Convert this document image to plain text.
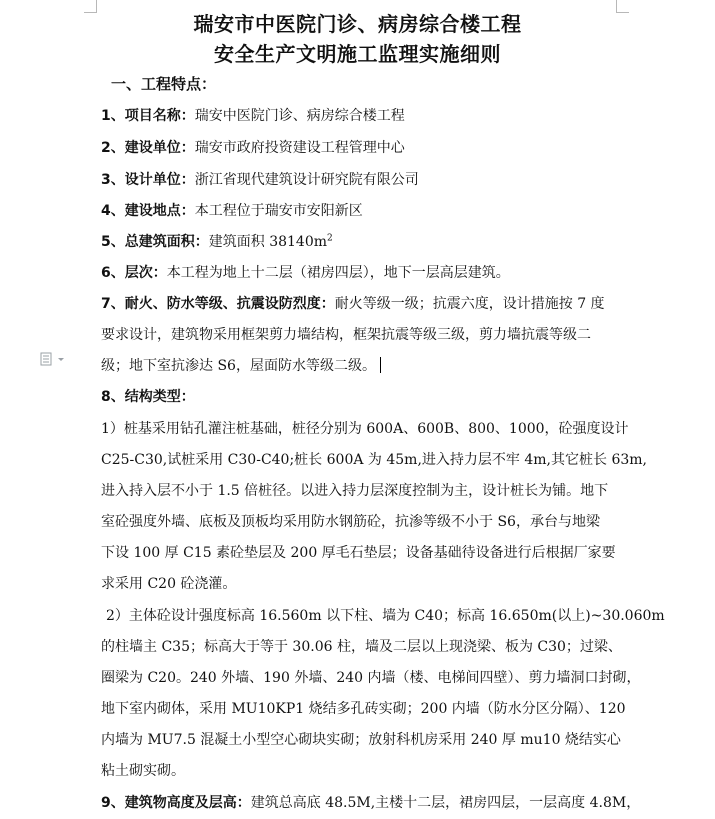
瑞安市中医院门诊、病房综合楼工程
安全生产文明施工监理实施细则
一、工程特点：
1、项目名称：瑞安中医院门诊、病房综合楼工程
2、建设单位：瑞安市政府投资建设工程管理中心
3、设计单位：浙江省现代建筑设计研究院有限公司
4、建设地点：本工程位于瑞安市安阳新区
5、总建筑面积：建筑面积 $38140m^2$
6、层次：本工程为地上十二层（裙房四层），地下一层高层建筑。
7、耐火、防水等级、抗震设防烈度：耐火等级一级；抗震六度，设计措施按 7 度
要求设计，建筑物采用框架剪力墙结构，框架抗震等级三级，剪力墙抗震等级二
级；地下室抗渗达 S6，屋面防水等级二级。
8、结构类型：
1）桩基采用钻孔灌注桩基础，桩径分别为 600A、600B、800、1000，砼强度设计
C25-C30,试桩采用 C30-C40;桩长 600A 为 45m,进入持力层不牢 4m,其它桩长 63m,
进入持入层不小于 1.5 倍桩径。以进入持力层深度控制为主，设计桩长为铺。地下
室砼强度外墙、底板及顶板均采用防水钢筋砼，抗渗等级不小于 S6，承台与地梁
下设 100 厚 C15 素砼垫层及 200 厚毛石垫层；设备基础待设备进行后根据厂家要
求采用 C20 砼浇灌。
2）主体砼设计强度标高 16.560m 以下柱、墙为 C40；标高 16.650m(以上)~30.060m
的柱墙主 C35；标高大于等于 30.06 柱，墙及二层以上现浇梁、板为 C30；过梁、
圈梁为 C20。240 外墙、190 外墙、240 内墙（楼、电梯间四壁）、剪力墙洞口封砌，
地下室内砌体，采用 MU10KP1 烧结多孔砖实砌；200 内墙（防水分区分隔）、120
内墙为 MU7.5 混凝土小型空心砌块实砌；放射科机房采用 240 厚 mu10 烧结实心
粘土砌实砌。
9、建筑物高度及层高：建筑总高底 48.5M,主楼十二层，裙房四层，一层高度 4.8M，
